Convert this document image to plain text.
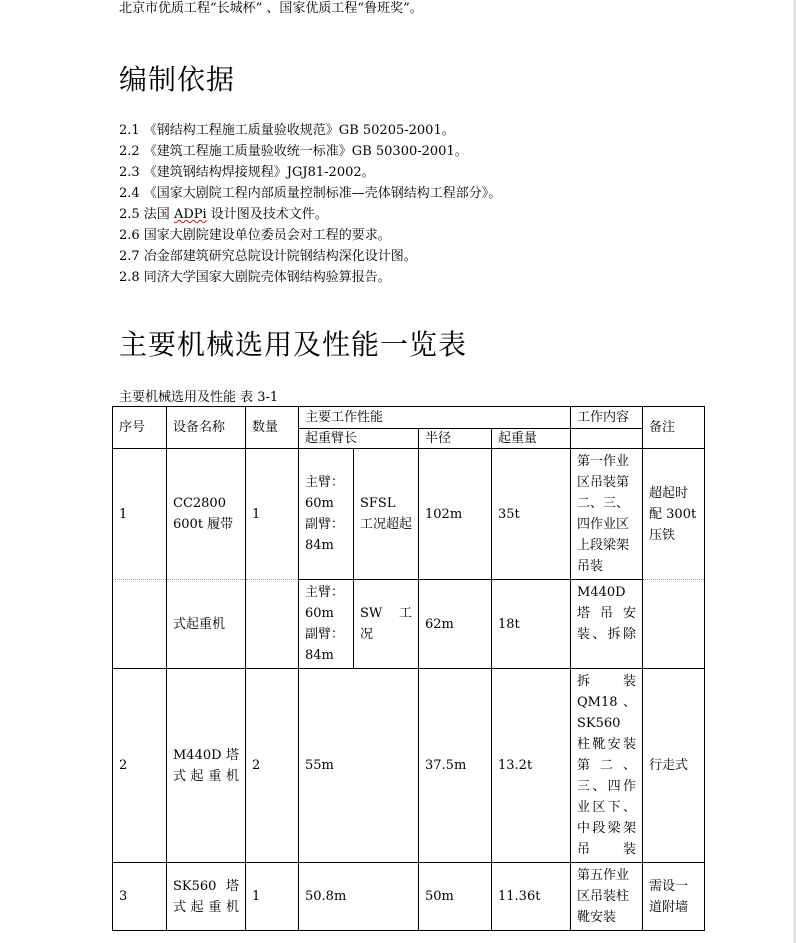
北京市优质工程“长城杯” 、国家优质工程“鲁班奖”。
编制依据
2.1 《钢结构工程施工质量验收规范》GB 50205-2001。
2.2 《建筑工程施工质量验收统一标准》GB 50300-2001。
2.3 《建筑钢结构焊接规程》JGJ81-2002。
2.4 《国家大剧院工程内部质量控制标准—壳体钢结构工程部分》。
2.5 法国 ADPi 设计图及技术文件。
2.6 国家大剧院建设单位委员会对工程的要求。
2.7 冶金部建筑研究总院设计院钢结构深化设计图。
2.8 同济大学国家大剧院壳体钢结构验算报告。
主要机械选用及性能一览表
主要机械选用及性能 表 3-1
序号	设备名称	数量	主要工作性能				工作内容	备注
			起重臂长		半径	起重量		
1	CC2800 600t 履带	1	主臂：60m 副臂：84m	SFSL 工况超起	102m	35t	第一作业区吊装第二、三、四作业区上段梁架吊装	超起时配 300t 压铁
	式起重机		主臂：60m 副臂：84m	SW 工况	62m	18t	M440D 塔吊安装、拆除	
2	M440D 塔式起重机	2	55m		37.5m	13.2t	拆装 QM18 、SK560 柱靴安装第二、三、四作业区下、中段梁架吊装	行走式
3	SK560 塔式起重机	1	50.8m		50m	11.36t	第五作业区吊装柱靴安装	需设一道附墙
